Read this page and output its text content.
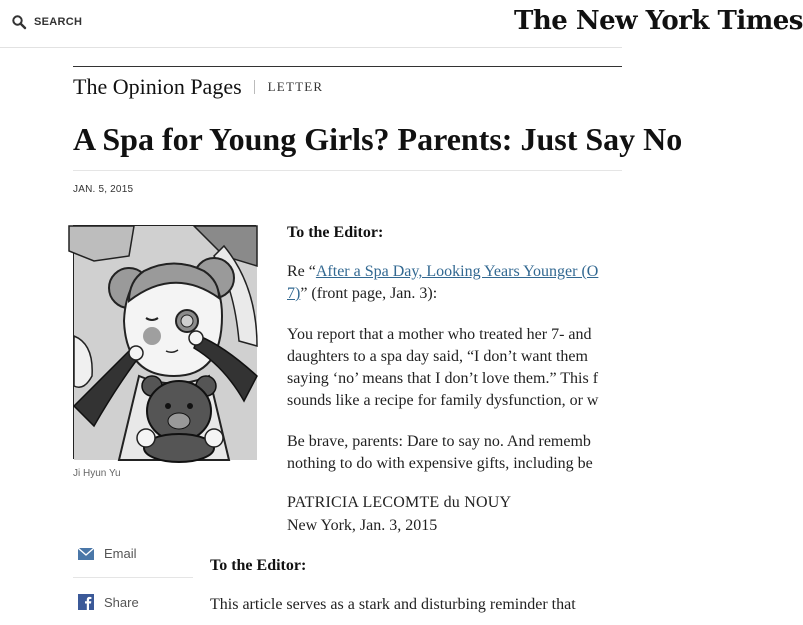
SEARCH	The New York Times
The Opinion Pages LETTER
A Spa for Young Girls? Parents: Just Say No
JAN. 5, 2015
Ji Hyun Yu
Email
Share
To the Editor:
Re “After a Spa Day, Looking Years Younger (O
7)” (front page, Jan. 3):
You report that a mother who treated her 7- and
daughters to a spa day said, “I don’t want them
saying ‘no’ means that I don’t love them.” This f
sounds like a recipe for family dysfunction, or w
Be brave, parents: Dare to say no. And rememb
nothing to do with expensive gifts, including be
PATRICIA LECOMTE du NOUY
New York, Jan. 3, 2015
To the Editor:
This article serves as a stark and disturbing reminder that
